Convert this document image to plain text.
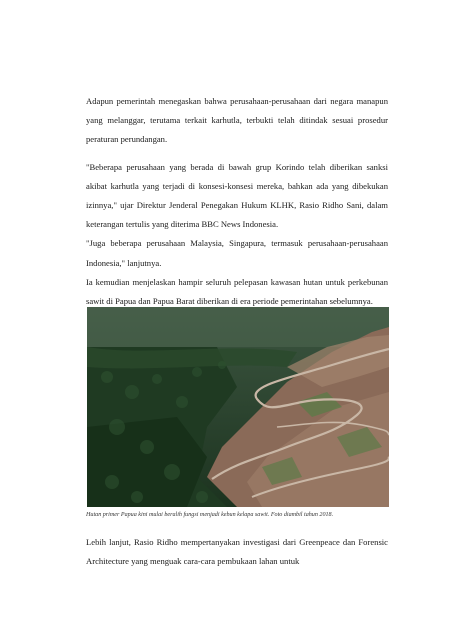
Adapun pemerintah menegaskan bahwa perusahaan-perusahaan dari negara manapun yang melanggar, terutama terkait karhutla, terbukti telah ditindak sesuai prosedur peraturan perundangan.

"Beberapa perusahaan yang berada di bawah grup Korindo telah diberikan sanksi akibat karhutla yang terjadi di konsesi-konsesi mereka, bahkan ada yang dibekukan izinnya," ujar Direktur Jenderal Penegakan Hukum KLHK, Rasio Ridho Sani, dalam keterangan tertulis yang diterima BBC News Indonesia.

"Juga beberapa perusahaan Malaysia, Singapura, termasuk perusahaan-perusahaan Indonesia," lanjutnya.

Ia kemudian menjelaskan hampir seluruh pelepasan kawasan hutan untuk perkebunan sawit di Papua dan Papua Barat diberikan di era periode pemerintahan sebelumnya.

Hutan primer Papua kini mulai beralih fungsi menjadi kebun kelapa sawit. Foto diambil tahun 2018.

Lebih lanjut, Rasio Ridho mempertanyakan investigasi dari Greenpeace dan Forensic Architecture yang menguak cara-cara pembukaan lahan untuk
